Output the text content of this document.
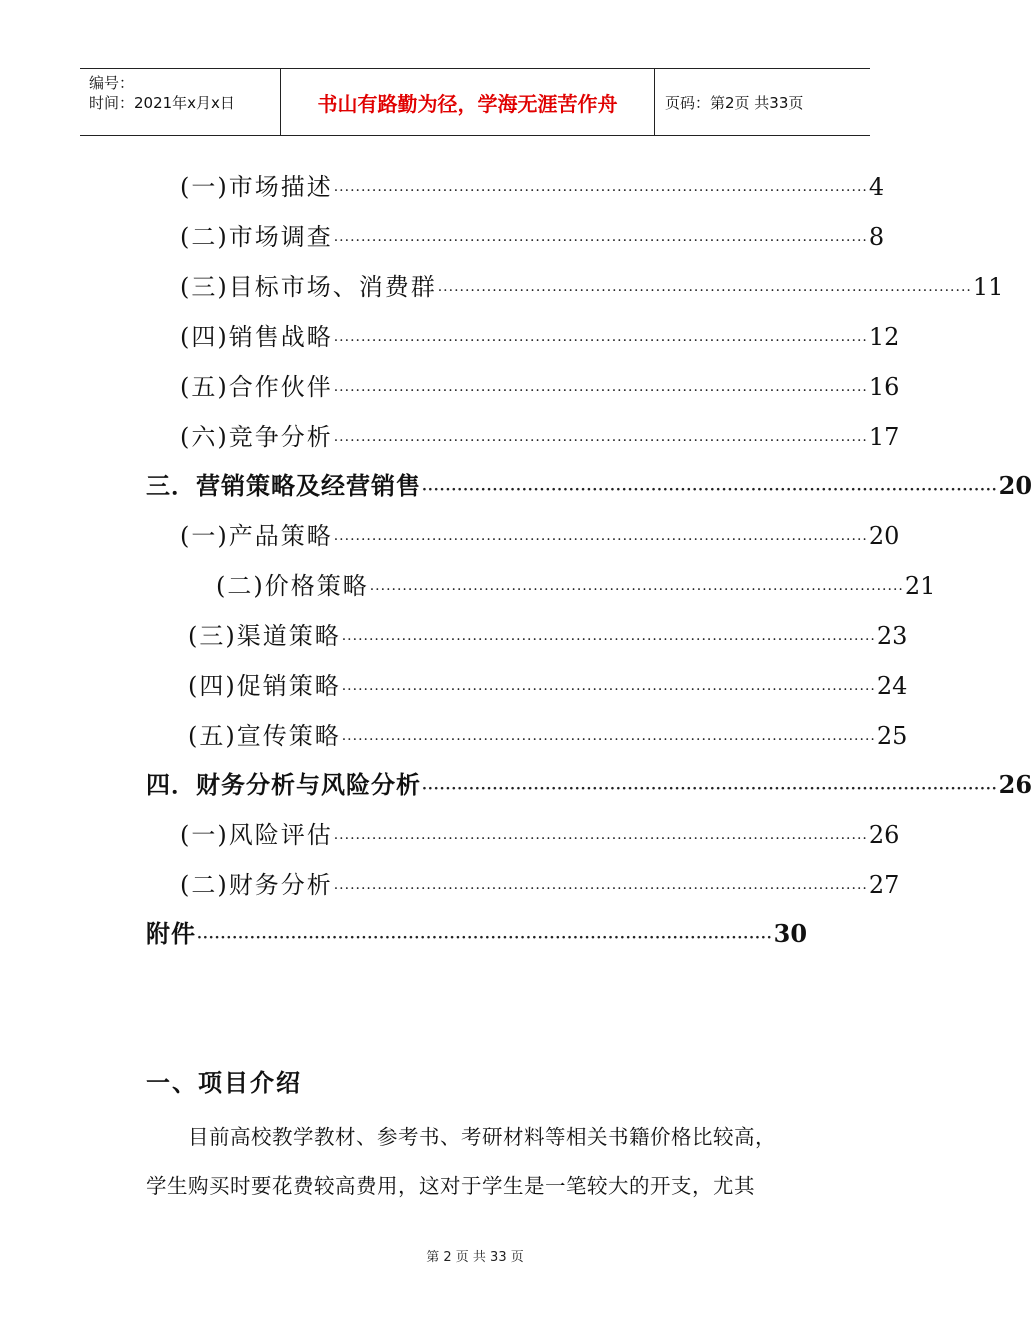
编号：
时间：2021年x月x日	书山有路勤为径，学海无涯苦作舟	页码：第2页 共33页
(一)市场描述 ·································································································· 4
(二)市场调查 ·································································································· 8
(三)目标市场、消费群 ·································································································· 11
(四)销售战略 ·································································································· 12
(五)合作伙伴 ·································································································· 16
(六)竞争分析 ·································································································· 17
三．营销策略及经营销售 ·································································································· 20
(一)产品策略 ·································································································· 20
(二)价格策略 ·································································································· 21
(三)渠道策略 ·································································································· 23
(四)促销策略 ·································································································· 24
(五)宣传策略 ·································································································· 25
四．财务分析与风险分析 ·································································································· 26
(一)风险评估 ·································································································· 26
(二)财务分析 ·································································································· 27
附件 ·································································································· 30
一、项目介绍
目前高校教学教材、参考书、考研材料等相关书籍价格比较高，
学生购买时要花费较高费用，这对于学生是一笔较大的开支，尤其
第 2 页 共 33 页
